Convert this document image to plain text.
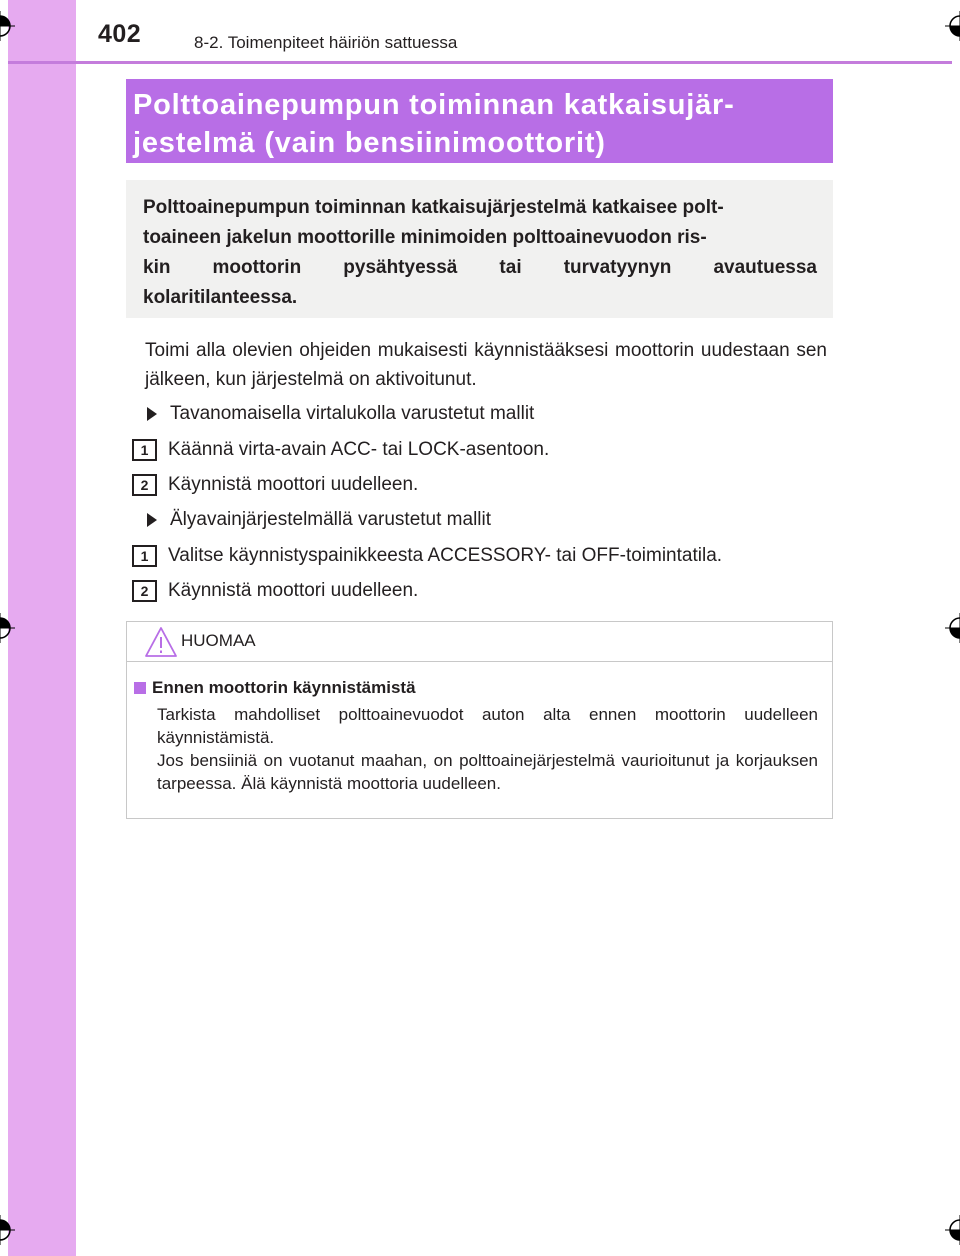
402	8-2. Toimenpiteet häiriön sattuessa
Polttoainepumpun toiminnan katkaisujär-
jestelmä (vain bensiinimoottorit)
Polttoainepumpun toiminnan katkaisujärjestelmä katkaisee polt-
toaineen jakelun moottorille minimoiden polttoainevuodon ris-
kin moottorin pysähtyessä tai turvatyynyn avautuessa
kolaritilanteessa.
Toimi alla olevien ohjeiden mukaisesti käynnistääksesi moottorin uudestaan sen jälkeen, kun järjestelmä on aktivoitunut.
Tavanomaisella virtalukolla varustetut mallit
1	Käännä virta-avain ACC- tai LOCK-asentoon.
2	Käynnistä moottori uudelleen.
Älyavainjärjestelmällä varustetut mallit
1	Valitse käynnistyspainikkeesta ACCESSORY- tai OFF-toimintatila.
2	Käynnistä moottori uudelleen.
HUOMAA
Ennen moottorin käynnistämistä
Tarkista mahdolliset polttoainevuodot auton alta ennen moottorin uudelleen käynnistämistä.
Jos bensiiniä on vuotanut maahan, on polttoainejärjestelmä vaurioitunut ja korjauksen tarpeessa. Älä käynnistä moottoria uudelleen.
